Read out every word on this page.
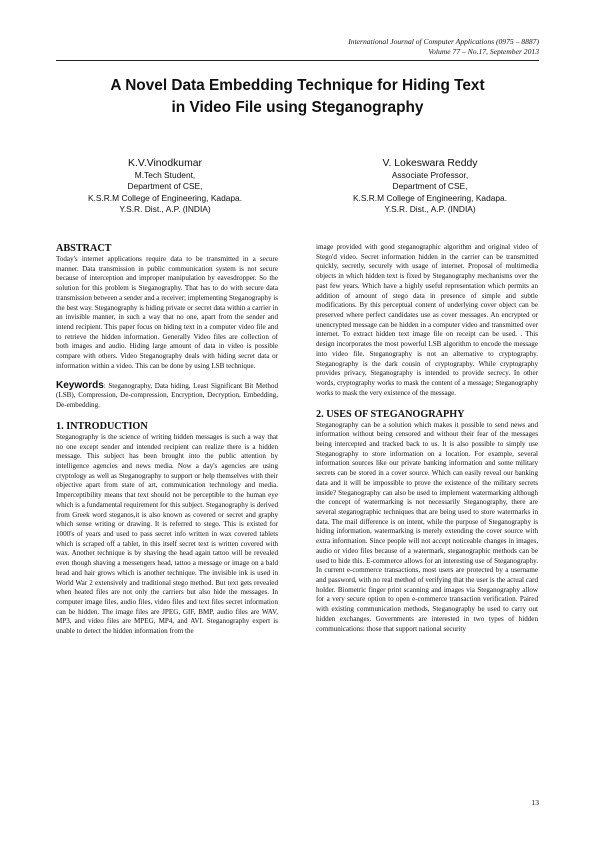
International Journal of Computer Applications (0975 – 8887)
Volume 77 – No.17, September 2013
A Novel Data Embedding Technique for Hiding Text
in Video File using Steganography
K.V.Vinodkumar
M.Tech Student,
Department of CSE,
K.S.R.M College of Engineering, Kadapa.
Y.S.R. Dist., A.P. (INDIA)
V. Lokeswara Reddy
Associate Professor,
Department of CSE,
K.S.R.M College of Engineering, Kadapa.
Y.S.R. Dist., A.P. (INDIA)
ABSTRACT

Today's internet applications require data to be transmitted in a secure manner. Data transmission in public communication system is not secure because of interception and improper manipulation by eavesdropper. So the solution for this problem is Steganography. That has to do with secure data transmission between a sender and a receiver; implementing Steganography is the best way. Steganography is hiding private or secret data within a carrier in an invisible manner, in such a way that no one, apart from the sender and intend recipient. This paper focus on hiding text in a computer video file and to retrieve the hidden information. Generally Video files are collection of both images and audio. Hiding large amount of data in video is possible compare with others. Video Steganography deals with hiding secret data or information within a video. This can be done by using LSB technique.

Keywords: Steganography, Data hiding, Least Significant Bit Method (LSB), Compression, De-compression, Encryption, Decryption, Embedding, De-embedding.

1. INTRODUCTION

Steganography is the science of writing hidden messages is such a way that no one except sender and intended recipient can realize there is a hidden message. This subject has been brought into the public attention by intelligence agencies and news media. Now a day's agencies are using cryptology as well as Steganography to support or help themselves with their objective apart from state of art, communication technology and media. Imperceptibility means that text should not be perceptible to the human eye which is a fundamental requirement for this subject. Steganography is derived from Greek word steganos,it is also known as covered or secret and graphy which sense writing or drawing. It is referred to stego. This is existed for 1000's of years and used to pass secret info written in wax covered tablets which is scraped off a tablet, in this itself secret text is written covered with wax. Another technique is by shaving the head again tattoo will be revealed even though shaving a messengers head, tattoo a message or image on a bald head and hair grows which is another technique. The invisible ink is used in World War 2 extensively and traditional stego method. But text gets revealed when heated files are not only the carriers but also hide the messages. In computer image files, audio files, video files and text files secret information can be hidden. The image files are JPEG, GIF, BMP, audio files are WAV, MP3, and video files are MPEG, MP4, and AVI. Steganography expert is unable to detect the hidden information from the

image provided with good steganographic algorithm and original video of Stego'd video. Secret information hidden in the carrier can be transmitted quickly, secretly, securely with usage of internet. Proposal of multimedia objects in which hidden text is fixed by Steganography mechanisms over the past few years. Which have a highly useful representation which permits an addition of amount of stego data in presence of simple and subtle modifications. By this perceptual content of underlying cover object can be preserved where perfect candidates use as cover messages. An encrypted or unencrypted message can be hidden in a computer video and transmitted over internet. To extract hidden text image file on receipt can be used. . This design incorporates the most powerful LSB algorithm to encode the message into video file. Steganography is not an alternative to cryptography. Steganography is the dark cousin of cryptography. While cryptography provides privacy, Steganography is intended to provide secrecy. In other words, cryptography works to mask the content of a message; Steganography works to mask the very existence of the message.

2. USES OF STEGANOGRAPHY

Steganography can be a solution which makes it possible to send news and information without being censored and without their fear of the messages being intercepted and tracked back to us. It is also possible to simply use Steganography to store information on a location. For example, several information sources like our private banking information and some military secrets can be stored in a cover source. Which can easily reveal our banking data and it will be impossible to prove the existence of the military secrets inside? Steganography can also be used to implement watermarking although the concept of watermarking is not necessarily Steganography, there are several steganographic techniques that are being used to store watermarks in data. The mail difference is on intent, while the purpose of Steganography is hiding information, watermarking is merely extending the cover source with extra information. Since people will not accept noticeable changes in images, audio or video files because of a watermark, steganographic methods can be used to hide this. E-commerce allows for an interesting use of Steganography. In current e-commerce transactions, most users are protected by a username and password, with no real method of verifying that the user is the actual card holder. Biometric finger print scanning and images via Steganography allow for a very secure option to open e-commerce transaction verification. Paired with existing communication methods, Steganography be used to carry out hidden exchanges. Governments are interested in two types of hidden communications: those that support national security

13
